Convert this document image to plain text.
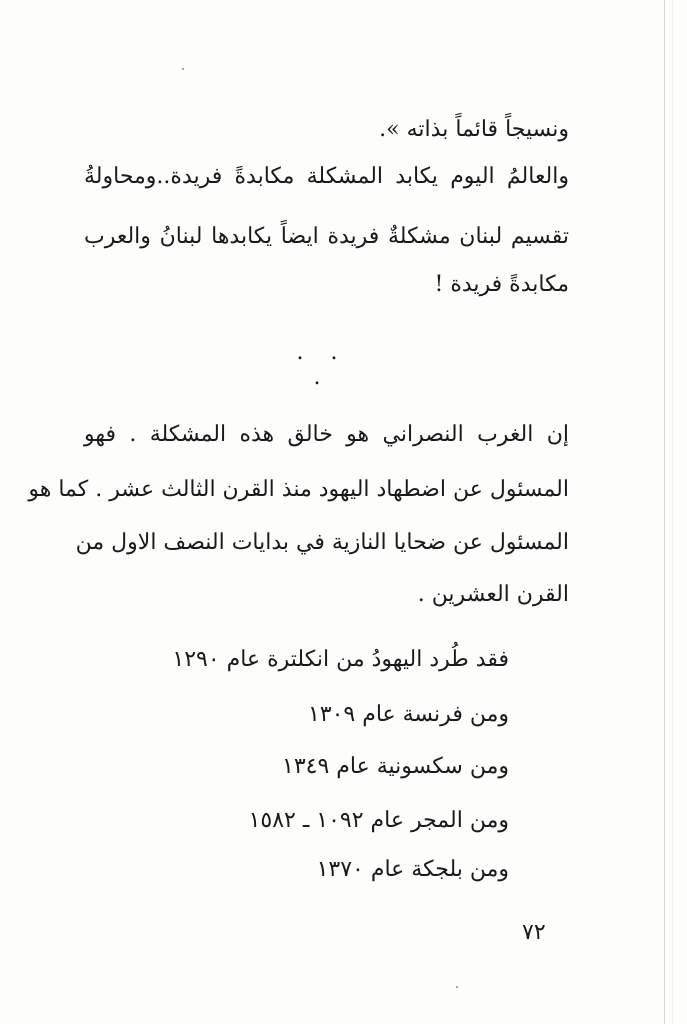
ونسيجاً قائماً بذاته ».
والعالمُ اليوم يكابد المشكلة مكابدةً فريدة..ومحاولةُ
تقسيم لبنان مشكلةٌ فريدة ايضاً يكابدها لبنانُ والعرب
مكابدةً فريدة !
. . .
إن الغرب النصراني هو خالق هذه المشكلة . فهو
المسئول عن اضطهاد اليهود منذ القرن الثالث عشر . كما هو
المسئول عن ضحايا النازية في بدايات النصف الاول من
القرن العشرين .
فقد طُرد اليهودُ من انكلترة عام ١٢٩٠
ومن فرنسة عام ١٣٠٩
ومن سكسونية عام ١٣٤٩
ومن المجر عام ١٠٩٢ ـ ١٥٨٢
ومن بلجكة عام ١٣٧٠
٧٢
